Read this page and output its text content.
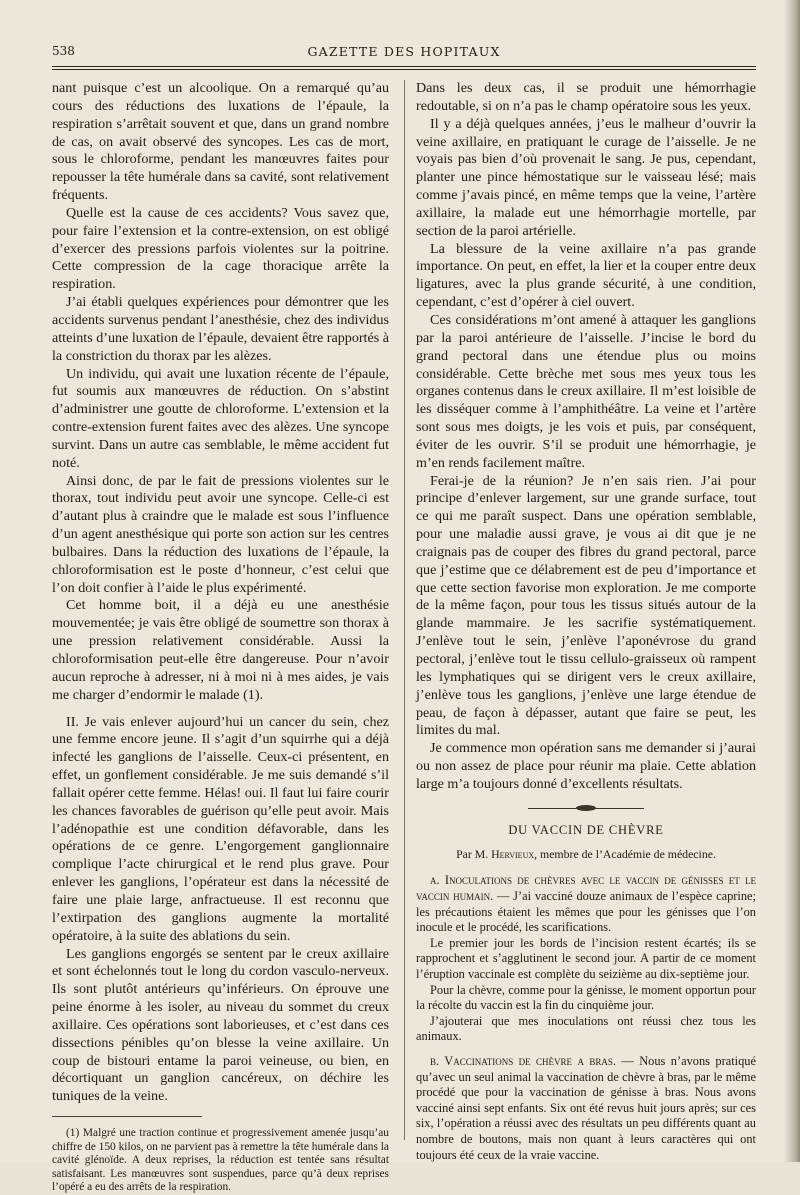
538	GAZETTE DES HOPITAUX

nant puisque c’est un alcoolique. On a remarqué qu’au cours des réductions des luxations de l’épaule, la respiration s’arrêtait souvent et que, dans un grand nombre de cas, on avait observé des syncopes. Les cas de mort, sous le chloroforme, pendant les manœuvres faites pour repousser la tête humérale dans sa cavité, sont relativement fréquents.

Quelle est la cause de ces accidents? Vous savez que, pour faire l’extension et la contre-extension, on est obligé d’exercer des pressions parfois violentes sur la poitrine. Cette compression de la cage thoracique arrête la respiration.

J’ai établi quelques expériences pour démontrer que les accidents survenus pendant l’anesthésie, chez des individus atteints d’une luxation de l’épaule, devaient être rapportés à la constriction du thorax par les alèzes.

Un individu, qui avait une luxation récente de l’épaule, fut soumis aux manœuvres de réduction. On s’abstint d’administrer une goutte de chloroforme. L’extension et la contre-extension furent faites avec des alèzes. Une syncope survint. Dans un autre cas semblable, le même accident fut noté.

Ainsi donc, de par le fait de pressions violentes sur le thorax, tout individu peut avoir une syncope. Celle-ci est d’autant plus à craindre que le malade est sous l’influence d’un agent anesthésique qui porte son action sur les centres bulbaires. Dans la réduction des luxations de l’épaule, la chloroformisation est le poste d’honneur, c’est celui que l’on doit confier à l’aide le plus expérimenté.

Cet homme boit, il a déjà eu une anesthésie mouvementée; je vais être obligé de soumettre son thorax à une pression relativement considérable. Aussi la chloroformisation peut-elle être dangereuse. Pour n’avoir aucun reproche à adresser, ni à moi ni à mes aides, je vais me charger d’endormir le malade (1).

II. Je vais enlever aujourd’hui un cancer du sein, chez une femme encore jeune. Il s’agit d’un squirrhe qui a déjà infecté les ganglions de l’aisselle. Ceux-ci présentent, en effet, un gonflement considérable. Je me suis demandé s’il fallait opérer cette femme. Hélas! oui. Il faut lui faire courir les chances favorables de guérison qu’elle peut avoir. Mais l’adénopathie est une condition défavorable, dans les opérations de ce genre. L’engorgement ganglionnaire complique l’acte chirurgical et le rend plus grave. Pour enlever les ganglions, l’opérateur est dans la nécessité de faire une plaie large, anfractueuse. Il est reconnu que l’extirpation des ganglions augmente la mortalité opératoire, à la suite des ablations du sein.

Les ganglions engorgés se sentent par le creux axillaire et sont échelonnés tout le long du cordon vasculo-nerveux. Ils sont plutôt antérieurs qu’inférieurs. On éprouve une peine énorme à les isoler, au niveau du sommet du creux axillaire. Ces opérations sont laborieuses, et c’est dans ces dissections pénibles qu’on blesse la veine axillaire. Un coup de bistouri entame la paroi veineuse, ou bien, en décortiquant un ganglion cancéreux, on déchire les tuniques de la veine.

(1) Malgré une traction continue et progressivement amenée jusqu’au chiffre de 150 kilos, on ne parvient pas à remettre la tête humérale dans la cavité glénoïde. A deux reprises, la réduction est tentée sans résultat satisfaisant. Les manœuvres sont suspendues, parce qu’à deux reprises l’opéré a eu des arrêts de la respiration.

Dans les deux cas, il se produit une hémorrhagie redoutable, si on n’a pas le champ opératoire sous les yeux.

Il y a déjà quelques années, j’eus le malheur d’ouvrir la veine axillaire, en pratiquant le curage de l’aisselle. Je ne voyais pas bien d’où provenait le sang. Je pus, cependant, planter une pince hémostatique sur le vaisseau lésé; mais comme j’avais pincé, en même temps que la veine, l’artère axillaire, la malade eut une hémorrhagie mortelle, par section de la paroi artérielle.

La blessure de la veine axillaire n’a pas grande importance. On peut, en effet, la lier et la couper entre deux ligatures, avec la plus grande sécurité, à une condition, cependant, c’est d’opérer à ciel ouvert.

Ces considérations m’ont amené à attaquer les ganglions par la paroi antérieure de l’aisselle. J’incise le bord du grand pectoral dans une étendue plus ou moins considérable. Cette brèche met sous mes yeux tous les organes contenus dans le creux axillaire. Il m’est loisible de les disséquer comme à l’amphithéâtre. La veine et l’artère sont sous mes doigts, je les vois et puis, par conséquent, éviter de les ouvrir. S’il se produit une hémorrhagie, je m’en rends facilement maître.

Ferai-je de la réunion? Je n’en sais rien. J’ai pour principe d’enlever largement, sur une grande surface, tout ce qui me paraît suspect. Dans une opération semblable, pour une maladie aussi grave, je vous ai dit que je ne craignais pas de couper des fibres du grand pectoral, parce que j’estime que ce délabrement est de peu d’importance et que cette section favorise mon exploration. Je me comporte de la même façon, pour tous les tissus situés autour de la glande mammaire. Je les sacrifie systématiquement. J’enlève tout le sein, j’enlève l’aponévrose du grand pectoral, j’enlève tout le tissu cellulo-graisseux où rampent les lymphatiques qui se dirigent vers le creux axillaire, j’enlève tous les ganglions, j’enlève une large étendue de peau, de façon à dépasser, autant que faire se peut, les limites du mal.

Je commence mon opération sans me demander si j’aurai ou non assez de place pour réunir ma plaie. Cette ablation large m’a toujours donné d’excellents résultats.

DU VACCIN DE CHÈVRE
Par M. Hervieux, membre de l’Académie de médecine.

a. Inoculations de chèvres avec le vaccin de génisses et le vaccin humain. — J’ai vacciné douze animaux de l’espèce caprine; les précautions étaient les mêmes que pour les génisses que l’on inocule et le procédé, les scarifications.

Le premier jour les bords de l’incision restent écartés; ils se rapprochent et s’agglutinent le second jour. A partir de ce moment l’éruption vaccinale est complète du seizième au dix-septième jour.

Pour la chèvre, comme pour la génisse, le moment opportun pour la récolte du vaccin est la fin du cinquième jour.

J’ajouterai que mes inoculations ont réussi chez tous les animaux.

b. Vaccinations de chèvre a bras. — Nous n’avons pratiqué qu’avec un seul animal la vaccination de chèvre à bras, par le même procédé que pour la vaccination de génisse à bras. Nous avons vacciné ainsi sept enfants. Six ont été revus huit jours après; sur ces six, l’opération a réussi avec des résultats un peu différents quant au nombre de boutons, mais non quant à leurs caractères qui ont toujours été ceux de la vraie vaccine.
